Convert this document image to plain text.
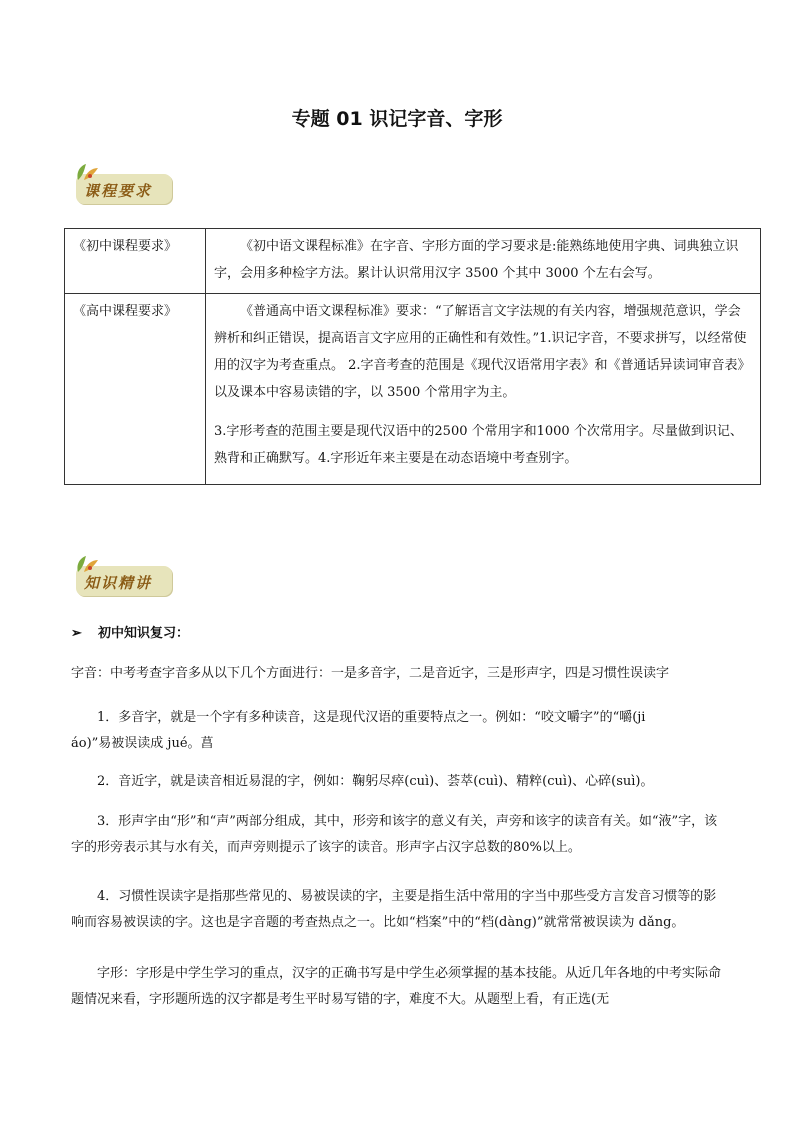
专题 01 识记字音、字形
课程要求
《初中课程要求》	《初中语文课程标准》在字音、字形方面的学习要求是:能熟练地使用字典、词典独立识字，会用多种检字方法。累计认识常用汉字 3500 个其中 3000 个左右会写。

《高中课程要求》	《普通高中语文课程标准》要求：“了解语言文字法规的有关内容，增强规范意识，学会辨析和纠正错误，提高语言文字应用的正确性和有效性。”1.识记字音，不要求拼写，以经常使用的汉字为考查重点。 2.字音考查的范围是《现代汉语常用字表》和《普通话异读词审音表》以及课本中容易读错的字，以 3500 个常用字为主。

3.字形考查的范围主要是现代汉语中的2500 个常用字和1000 个次常用字。尽量做到识记、熟背和正确默写。4.字形近年来主要是在动态语境中考查别字。

知识精讲
➢ 初中知识复习：
字音：中考考查字音多从以下几个方面进行：一是多音字，二是音近字，三是形声字，四是习惯性误读字
1．多音字，就是一个字有多种读音，这是现代汉语的重要特点之一。例如：“咬文嚼字”的“嚼(ji
áo)”易被误读成 jué。菖
2．音近字，就是读音相近易混的字，例如：鞠躬尽瘁(cuì)、荟萃(cuì)、精粹(cuì)、心碎(suì)。
3．形声字由“形”和“声”两部分组成，其中，形旁和该字的意义有关，声旁和该字的读音有关。如“液”字，该字的形旁表示其与水有关，而声旁则提示了该字的读音。形声字占汉字总数的80%以上。
4．习惯性误读字是指那些常见的、易被误读的字，主要是指生活中常用的字当中那些受方言发音习惯等的影响而容易被误读的字。这也是字音题的考查热点之一。比如“档案”中的“档(dàng)”就常常被误读为 dǎng。
字形：字形是中学生学习的重点，汉字的正确书写是中学生必须掌握的基本技能。从近几年各地的中考实际命题情况来看，字形题所选的汉字都是考生平时易写错的字，难度不大。从题型上看，有正选(无
